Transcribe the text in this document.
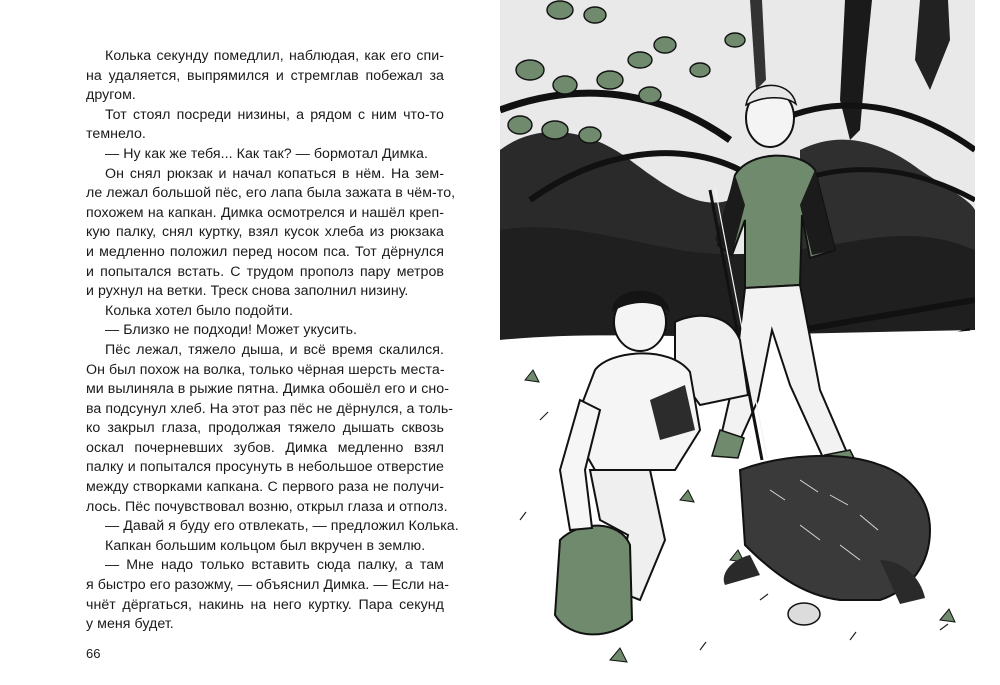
Колька секунду помедлил, наблюдая, как его спи-
на удаляется, выпрямился и стремглав побежал за
другом.
Тот стоял посреди низины, а рядом с ним что-то
темнело.
— Ну как же тебя... Как так? — бормотал Димка.
Он снял рюкзак и начал копаться в нём. На зем-
ле лежал большой пёс, его лапа была зажата в чём-то,
похожем на капкан. Димка осмотрелся и нашёл креп-
кую палку, снял куртку, взял кусок хлеба из рюкзака
и медленно положил перед носом пса. Тот дёрнулся
и попытался встать. С трудом прополз пару метров
и рухнул на ветки. Треск снова заполнил низину.
Колька хотел было подойти.
— Близко не подходи! Может укусить.
Пёс лежал, тяжело дыша, и всё время скалился.
Он был похож на волка, только чёрная шерсть места-
ми вылиняла в рыжие пятна. Димка обошёл его и сно-
ва подсунул хлеб. На этот раз пёс не дёрнулся, а толь-
ко закрыл глаза, продолжая тяжело дышать сквозь
оскал почерневших зубов. Димка медленно взял
палку и попытался просунуть в небольшое отверстие
между створками капкана. С первого раза не получи-
лось. Пёс почувствовал возню, открыл глаза и отполз.
— Давай я буду его отвлекать, — предложил Колька.
Капкан большим кольцом был вкручен в землю.
— Мне надо только вставить сюда палку, а там
я быстро его разожму, — объяснил Димка. — Если на-
чнёт дёргаться, накинь на него куртку. Пара секунд
у меня будет.
66
